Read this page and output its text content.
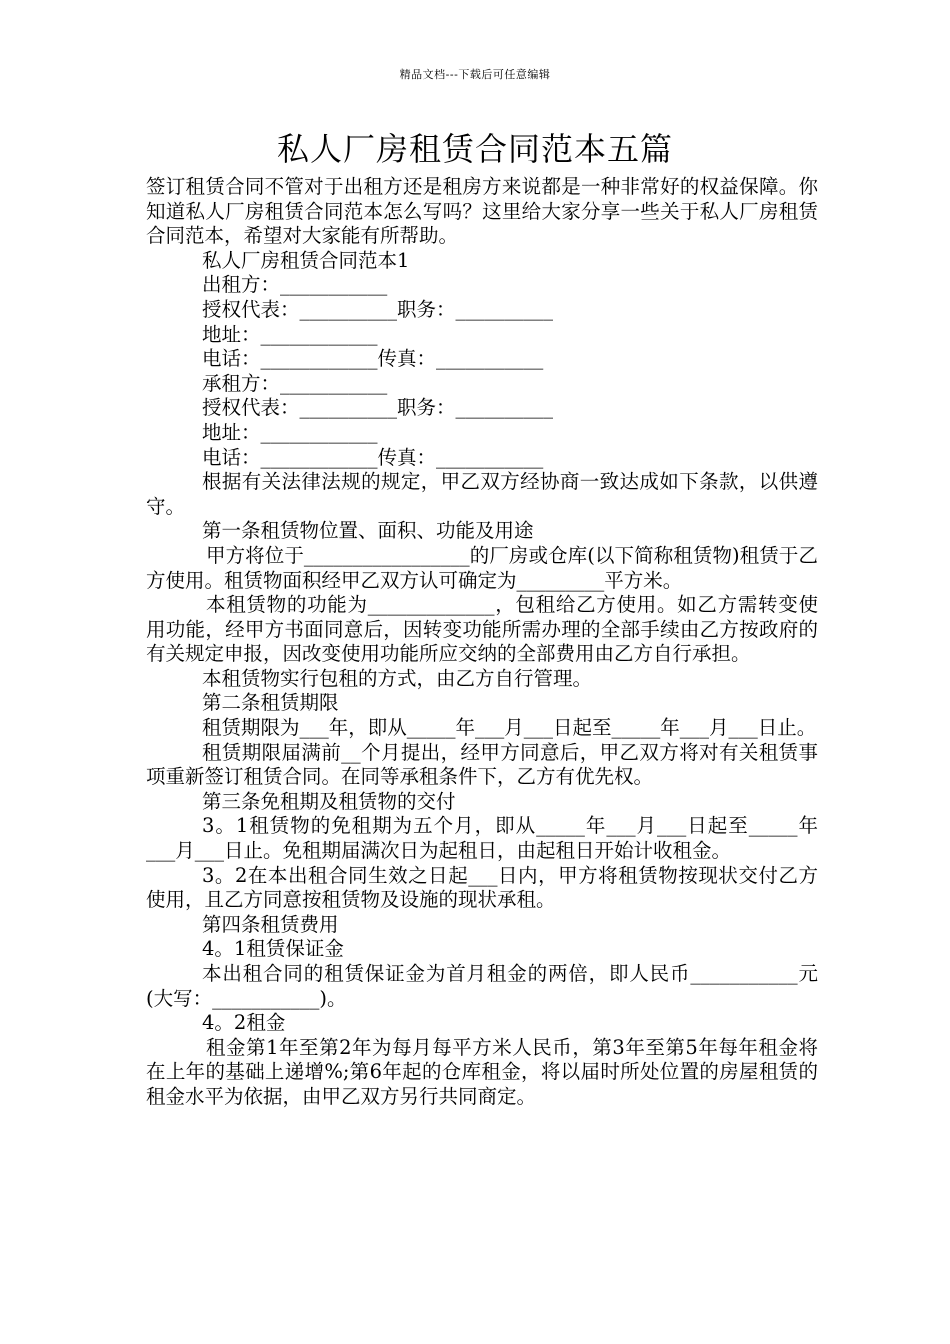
精品文档---下载后可任意编辑
私人厂房租赁合同范本五篇

签订租赁合同不管对于出租方还是租房方来说都是一种非常好的权益保障。你知道私人厂房租赁合同范本怎么写吗？这里给大家分享一些关于私人厂房租赁合同范本，希望对大家能有所帮助。

私人厂房租赁合同范本1

出租方：___________

授权代表：__________职务：__________

地址：____________

电话：____________传真：___________

承租方：___________

授权代表：__________职务：__________

地址：____________

电话：____________传真：___________

根据有关法律法规的规定，甲乙双方经协商一致达成如下条款，以供遵守。

第一条租赁物位置、面积、功能及用途

甲方将位于_________________的厂房或仓库(以下简称租赁物)租赁于乙方使用。租赁物面积经甲乙双方认可确定为_________平方米。

本租赁物的功能为_____________，包租给乙方使用。如乙方需转变使用功能，经甲方书面同意后，因转变功能所需办理的全部手续由乙方按政府的有关规定申报，因改变使用功能所应交纳的全部费用由乙方自行承担。

本租赁物实行包租的方式，由乙方自行管理。

第二条租赁期限

租赁期限为___年，即从_____年___月___日起至_____年___月___日止。

租赁期限届满前__个月提出，经甲方同意后，甲乙双方将对有关租赁事项重新签订租赁合同。在同等承租条件下，乙方有优先权。

第三条免租期及租赁物的交付

3。1租赁物的免租期为五个月，即从_____年___月___日起至_____年___月___日止。免租期届满次日为起租日，由起租日开始计收租金。

3。2在本出租合同生效之日起___日内，甲方将租赁物按现状交付乙方使用，且乙方同意按租赁物及设施的现状承租。

第四条租赁费用

4。1租赁保证金

本出租合同的租赁保证金为首月租金的两倍，即人民币___________元(大写：___________)。

4。2租金

租金第1年至第2年为每月每平方米人民币，第3年至第5年每年租金将在上年的基础上递增%;第6年起的仓库租金，将以届时所处位置的房屋租赁的租金水平为依据，由甲乙双方另行共同商定。
